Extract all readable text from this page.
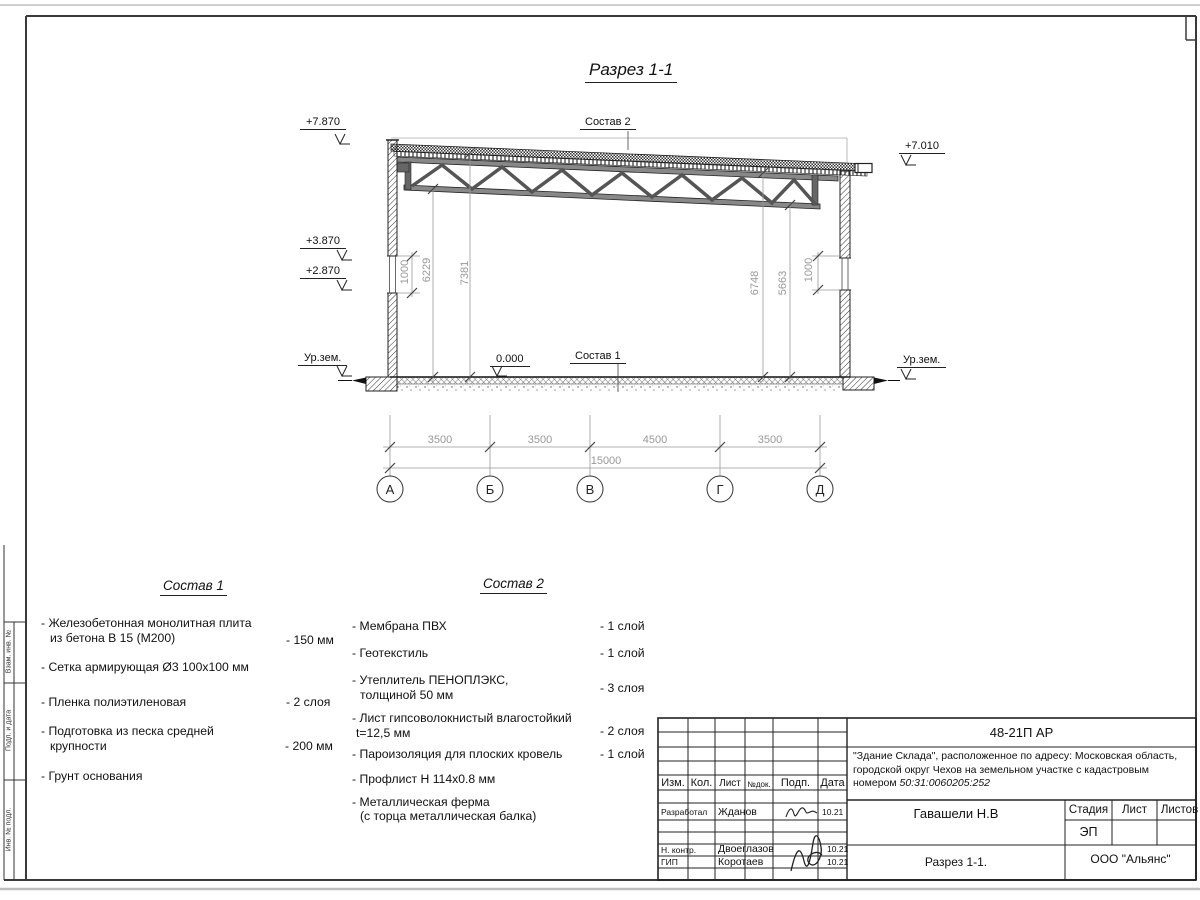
Разрез 1-1
+7.870
+3.870
+2.870
Ур.зем.	0.000
+7.010
Ур.зем.
Состав 2
Состав 1
1000 6229 7381	6748 5663
1000
3500	3500	4500	3500
15000
А	Б	В	Г	Д
Состав 1
- Железобетонная монолитная плита
из бетона В 15 (М200)	- 150 мм
- Сетка армирующая Ø3 100х100 мм
- Пленка полиэтиленовая	- 2 слоя
- Подготовка из песка средней
крупности	- 200 мм
- Грунт основания
Состав 2
- Мембрана ПВХ	- 1 слой
- Геотекстиль	- 1 слой
- Утеплитель ПЕНОПЛЭКС,
толщиной 50 мм	- 3 слоя
- Лист гипсоволокнистый влагостойкий
t=12,5 мм	- 2 слоя
- Пароизоляция для плоских кровель	- 1 слой
- Профлист Н 114х0.8 мм
- Металлическая ферма
(с торца металлическая балка)
Взам. инв. №
Подп. и дата
Инв. № подл.
48-21П АР
"Здание Склада", расположенное по адресу: Московская область, городской округ Чехов на земельном участке с кадастровым номером 50:31:0060205:252
Изм. Кол. Лист №док. Подп. Дата
Разработал Жданов	10.21
Н. контр. Двоеглазов	10.21
ГИП	Коротаев	10.21
Гавашели Н.В	Стадия	Лист	Листов
ЭП
Разрез 1-1.	ООО "Альянс"
